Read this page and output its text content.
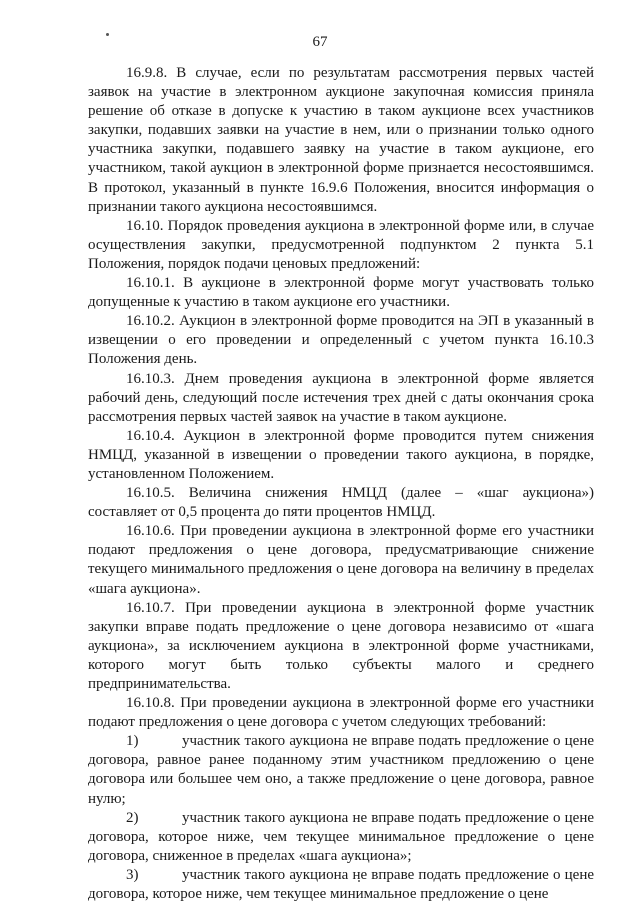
67

16.9.8. В случае, если по результатам рассмотрения первых частей заявок на участие в электронном аукционе закупочная комиссия приняла решение об отказе в допуске к участию в таком аукционе всех участников закупки, подавших заявки на участие в нем, или о признании только одного участника закупки, подавшего заявку на участие в таком аукционе, его участником, такой аукцион в электронной форме признается несостоявшимся. В протокол, указанный в пункте 16.9.6 Положения, вносится информация о признании такого аукциона несостоявшимся.

16.10. Порядок проведения аукциона в электронной форме или, в случае осуществления закупки, предусмотренной подпунктом 2 пункта 5.1 Положения, порядок подачи ценовых предложений:

16.10.1. В аукционе в электронной форме могут участвовать только допущенные к участию в таком аукционе его участники.

16.10.2. Аукцион в электронной форме проводится на ЭП в указанный в извещении о его проведении и определенный с учетом пункта 16.10.3 Положения день.

16.10.3. Днем проведения аукциона в электронной форме является рабочий день, следующий после истечения трех дней с даты окончания срока рассмотрения первых частей заявок на участие в таком аукционе.

16.10.4. Аукцион в электронной форме проводится путем снижения НМЦД, указанной в извещении о проведении такого аукциона, в порядке, установленном Положением.

16.10.5. Величина снижения НМЦД (далее – «шаг аукциона») составляет от 0,5 процента до пяти процентов НМЦД.

16.10.6. При проведении аукциона в электронной форме его участники подают предложения о цене договора, предусматривающие снижение текущего минимального предложения о цене договора на величину в пределах «шага аукциона».

16.10.7. При проведении аукциона в электронной форме участник закупки вправе подать предложение о цене договора независимо от «шага аукциона», за исключением аукциона в электронной форме участниками, которого могут быть только субъекты малого и среднего предпринимательства.

16.10.8. При проведении аукциона в электронной форме его участники подают предложения о цене договора с учетом следующих требований:

1)	участник такого аукциона не вправе подать предложение о цене договора, равное ранее поданному этим участником предложению о цене договора или большее чем оно, а также предложение о цене договора, равное нулю;

2)	участник такого аукциона не вправе подать предложение о цене договора, которое ниже, чем текущее минимальное предложение о цене договора, сниженное в пределах «шага аукциона»;

3)	участник такого аукциона не вправе подать предложение о цене договора, которое ниже, чем текущее минимальное предложение о цене
